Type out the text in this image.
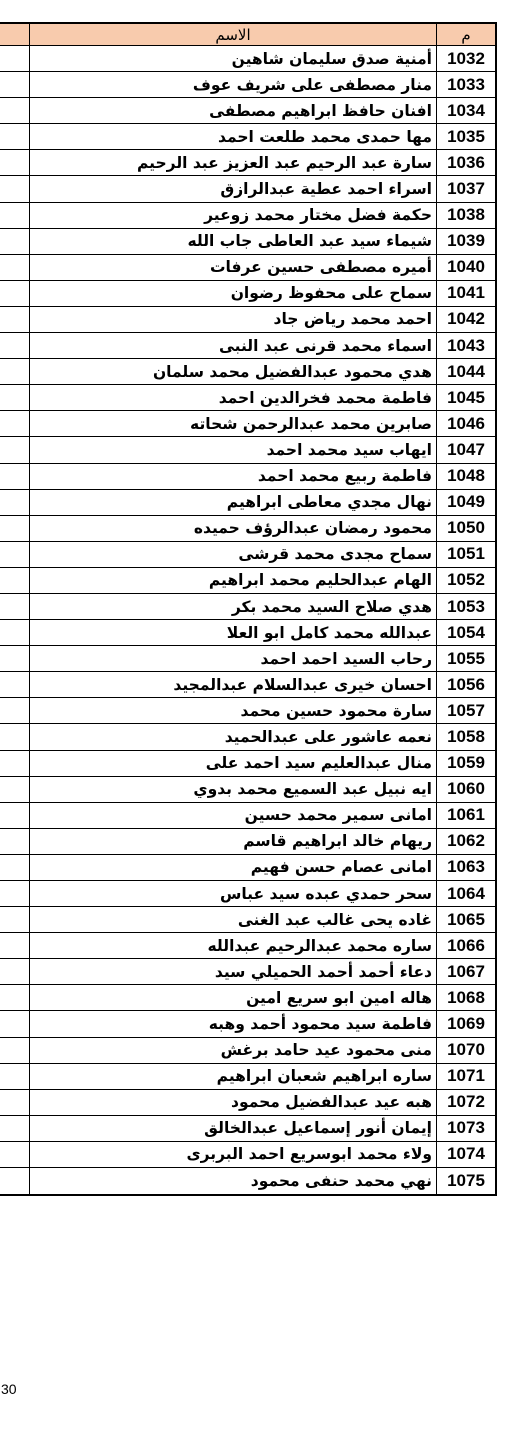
الاسم	م
أمنية صدق سليمان شاهين 1032
منار مصطفى على شريف عوف 1033
افنان حافظ ابراهيم مصطفى 1034
مها حمدى محمد طلعت احمد 1035
سارة عبد الرحيم عبد العزيز عبد الرحيم 1036
اسراء احمد عطية عبدالرازق 1037
حكمة فضل مختار محمد زوعير 1038
شيماء سيد عبد العاطى جاب الله 1039
أميره مصطفى حسين عرفات 1040
سماح على محفوظ رضوان 1041
احمد محمد رياض جاد 1042
اسماء محمد قرنى عبد النبى 1043
هدي محمود عبدالفضيل محمد سلمان 1044
فاطمة محمد فخرالدين احمد 1045
صابرين محمد عبدالرحمن شحاته 1046
ايهاب سيد محمد احمد 1047
فاطمة ربيع محمد احمد 1048
نهال مجدي معاطى ابراهيم 1049
محمود رمضان عبدالرؤف حميده 1050
سماح مجدى محمد قرشى 1051
الهام عبدالحليم محمد ابراهيم 1052
هدي صلاح السيد محمد بكر 1053
عبدالله محمد كامل ابو العلا 1054
رحاب السيد احمد احمد 1055
احسان خيرى عبدالسلام عبدالمجيد 1056
سارة محمود حسين محمد 1057
نعمه عاشور على عبدالحميد 1058
منال عبدالعليم سيد احمد على 1059
ايه نبيل عبد السميع محمد بدوي 1060
امانى سمير محمد حسين 1061
ريهام خالد ابراهيم قاسم 1062
امانى عصام حسن فهيم 1063
سحر حمدي عبده سيد عباس 1064
غاده يحى غالب عبد الغنى 1065
ساره محمد عبدالرحيم عبدالله 1066
دعاء أحمد أحمد الحميلي سيد 1067
هاله امين ابو سريع امين 1068
فاطمة سيد محمود أحمد وهبه 1069
منى محمود عيد حامد برغش 1070
ساره ابراهيم شعبان ابراهيم 1071
هبه عيد عبدالفضيل محمود 1072
إيمان أنور إسماعيل عبدالخالق 1073
ولاء محمد ابوسريع احمد البربرى 1074
نهي محمد حنفى محمود 1075
30
